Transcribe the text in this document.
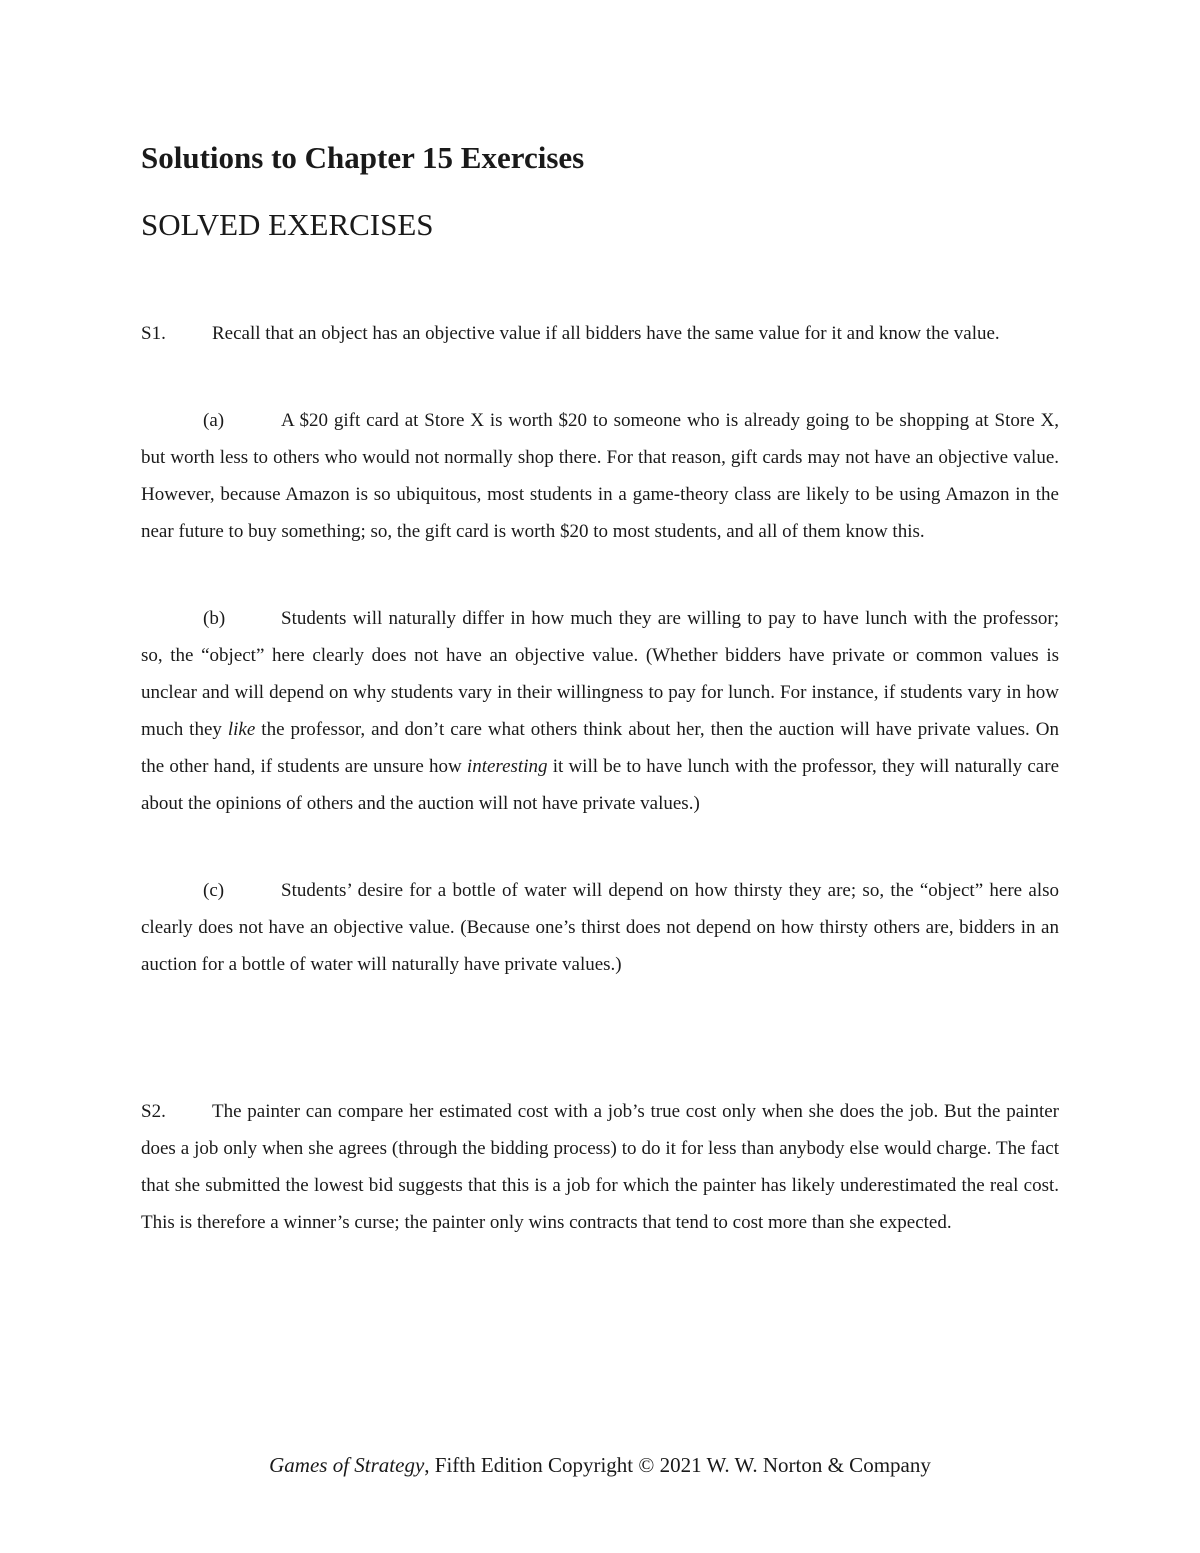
Solutions to Chapter 15 Exercises
SOLVED EXERCISES

S1. Recall that an object has an objective value if all bidders have the same value for it and know the value.

(a)	A $20 gift card at Store X is worth $20 to someone who is already going to be shopping at Store X, but worth less to others who would not normally shop there. For that reason, gift cards may not have an objective value. However, because Amazon is so ubiquitous, most students in a game-theory class are likely to be using Amazon in the near future to buy something; so, the gift card is worth $20 to most students, and all of them know this.

(b)	Students will naturally differ in how much they are willing to pay to have lunch with the professor; so, the “object” here clearly does not have an objective value. (Whether bidders have private or common values is unclear and will depend on why students vary in their willingness to pay for lunch. For instance, if students vary in how much they like the professor, and don’t care what others think about her, then the auction will have private values. On the other hand, if students are unsure how interesting it will be to have lunch with the professor, they will naturally care about the opinions of others and the auction will not have private values.)

(c)	Students’ desire for a bottle of water will depend on how thirsty they are; so, the “object” here also clearly does not have an objective value. (Because one’s thirst does not depend on how thirsty others are, bidders in an auction for a bottle of water will naturally have private values.)

S2. The painter can compare her estimated cost with a job’s true cost only when she does the job. But the painter does a job only when she agrees (through the bidding process) to do it for less than anybody else would charge. The fact that she submitted the lowest bid suggests that this is a job for which the painter has likely underestimated the real cost. This is therefore a winner’s curse; the painter only wins contracts that tend to cost more than she expected.

Games of Strategy, Fifth Edition Copyright © 2021 W. W. Norton & Company
